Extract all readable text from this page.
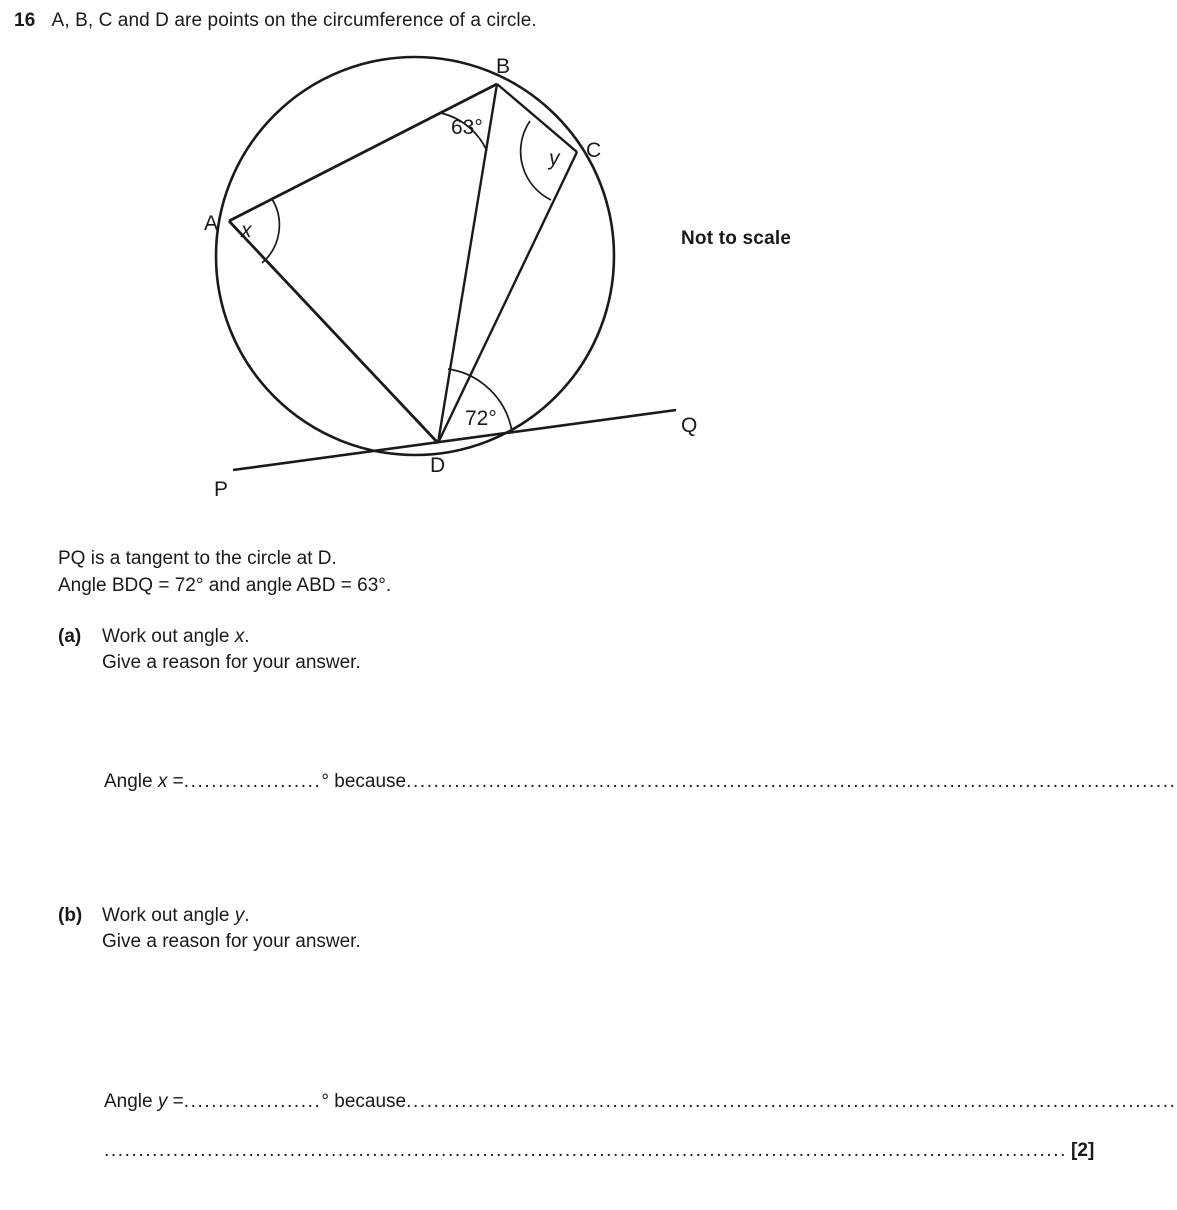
16 A, B, C and D are points on the circumference of a circle.
A
B
C
D
P
Q
63°
72°
x
y
Not to scale
PQ is a tangent to the circle at D.
Angle BDQ = 72° and angle ABD = 63°.
(a)	Work out angle x.
Give a reason for your answer.
Angle x = .................... ° because ................................................................................................................
(b)	Work out angle y.
Give a reason for your answer.
Angle y = .................... ° because ................................................................................................................
............................................................................................................................................ [2]
